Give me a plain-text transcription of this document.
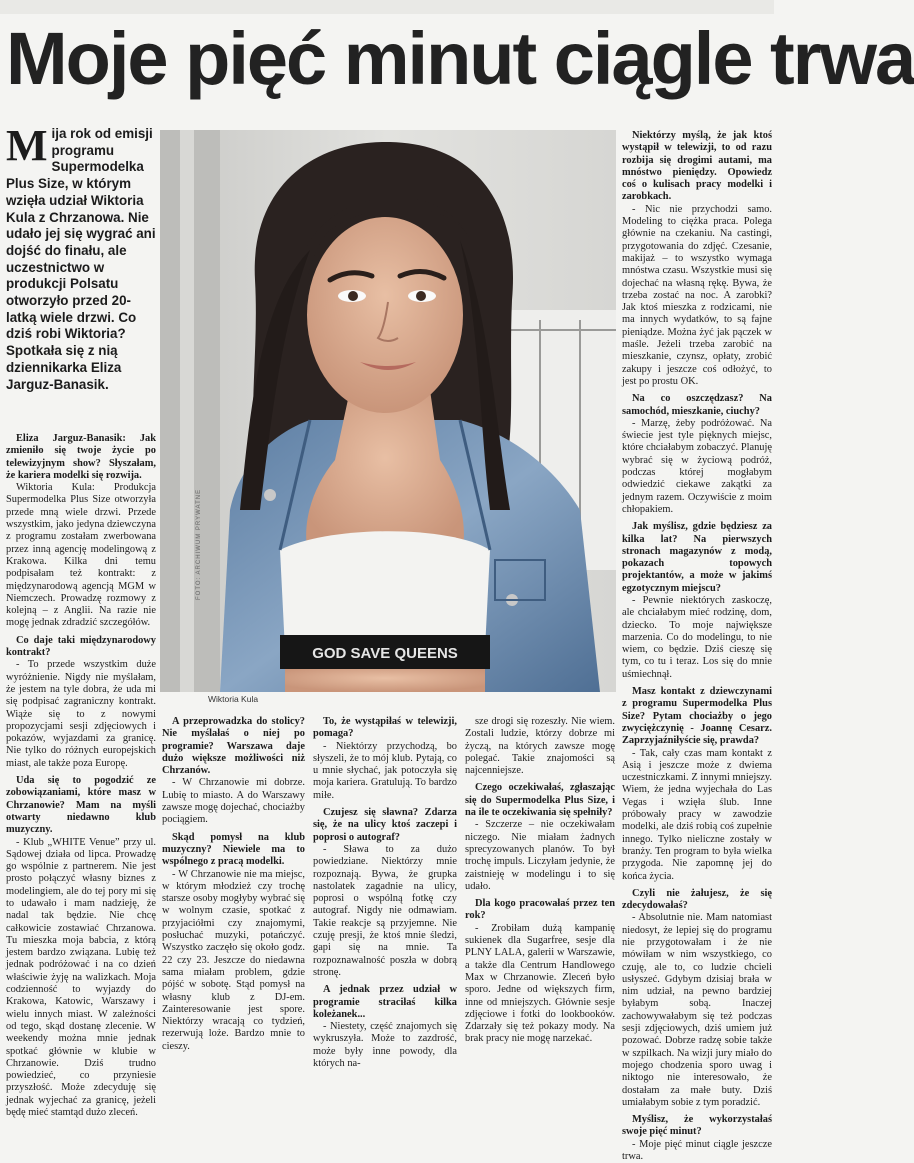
Moje pięć minut ciągle trwa
Mija rok od emisji programu Supermodelka Plus Size, w którym wzięła udział Wiktoria Kula z Chrzanowa. Nie udało jej się wygrać ani dojść do finału, ale uczestnictwo w produkcji Polsatu otworzyło przed 20-latką wiele drzwi. Co dziś robi Wiktoria? Spotkała się z nią dziennikarka Eliza Jarguz-Banasik.
GOD SAVE QUEENS
FOTO: ARCHIWUM PRYWATNE
Wiktoria Kula

Eliza Jarguz-Banasik: Jak zmieniło się twoje życie po telewizyjnym show? Słyszałam, że kariera modelki się rozwija.

Wiktoria Kula: Produkcja Supermodelka Plus Size otworzyła przede mną wiele drzwi. Przede wszystkim, jako jedyna dziewczyna z programu zostałam zwerbowana przez inną agencję modelingową z Krakowa. Kilka dni temu podpisałam też kontrakt: z międzynarodową agencją MGM w Niemczech. Prowadzę rozmowy z kolejną – z Anglii. Na razie nie mogę jednak zdradzić szczegółów.

Co daje taki międzynarodowy kontrakt?

- To przede wszystkim duże wyróżnienie. Nigdy nie myślałam, że jestem na tyle dobra, że uda mi się podpisać zagraniczny kontrakt. Wiąże się to z nowymi propozycjami sesji zdjęciowych i pokazów, wyjazdami za granicę. Nie tylko do różnych europejskich miast, ale także poza Europę.

Uda się to pogodzić ze zobowiązaniami, które masz w Chrzanowie? Mam na myśli otwarty niedawno klub muzyczny.

- Klub „WHITE Venue” przy ul. Sądowej działa od lipca. Prowadzę go wspólnie z partnerem. Nie jest prosto połączyć własny biznes z modelingiem, ale do tej pory mi się to udawało i mam nadzieję, że nadal tak będzie. Nie chcę całkowicie zostawiać Chrzanowa. Tu mieszka moja babcia, z którą jestem bardzo związana. Lubię też jednak podróżować i na co dzień właściwie żyję na walizkach. Moja codzienność to wyjazdy do Krakowa, Katowic, Warszawy i wielu innych miast. W zależności od tego, skąd dostanę zlecenie. W weekendy można mnie jednak spotkać głównie w klubie w Chrzanowie. Dziś trudno powiedzieć, co przyniesie przyszłość. Może zdecyduję się jednak wyjechać za granicę, jeżeli będę mieć stamtąd dużo zleceń.

A przeprowadzka do stolicy? Nie myślałaś o niej po programie? Warszawa daje dużo większe możliwości niż Chrzanów.

- W Chrzanowie mi dobrze. Lubię to miasto. A do Warszawy zawsze mogę dojechać, chociażby pociągiem.

Skąd pomysł na klub muzyczny? Niewiele ma to wspólnego z pracą modelki.

- W Chrzanowie nie ma miejsc, w którym młodzież czy trochę starsze osoby mogłyby wybrać się w wolnym czasie, spotkać z przyjaciółmi czy znajomymi, posłuchać muzyki, potańczyć. Wszystko zaczęło się około godz. 22 czy 23. Jeszcze do niedawna sama miałam problem, gdzie pójść w sobotę. Stąd pomysł na własny klub z DJ-em. Zainteresowanie jest spore. Niektórzy wracają co tydzień, rezerwują loże. Bardzo mnie to cieszy.

To, że wystąpiłaś w telewizji, pomaga?

- Niektórzy przychodzą, bo słyszeli, że to mój klub. Pytają, co u mnie słychać, jak potoczyła się moja kariera. Gratulują. To bardzo miłe.

Czujesz się sławna? Zdarza się, że na ulicy ktoś zaczepi i poprosi o autograf?

- Sława to za dużo powiedziane. Niektórzy mnie rozpoznają. Bywa, że grupka nastolatek zagadnie na ulicy, poprosi o wspólną fotkę czy autograf. Nigdy nie odmawiam. Takie reakcje są przyjemne. Nie czuję presji, że ktoś mnie śledzi, gapi się na mnie. Ta rozpoznawalność poszła w dobrą stronę.

A jednak przez udział w programie straciłaś kilka koleżanek...

- Niestety, część znajomych się wykruszyła. Może to zazdrość, może były inne powody, dla których na-

sze drogi się rozeszły. Nie wiem. Zostali ludzie, którzy dobrze mi życzą, na których zawsze mogę polegać. Takie znajomości są najcenniejsze.

Czego oczekiwałaś, zgłaszając się do Supermodelka Plus Size, i na ile te oczekiwania się spełniły?

- Szczerze – nie oczekiwałam niczego. Nie miałam żadnych sprecyzowanych planów. To był trochę impuls. Liczyłam jedynie, że zaistnieję w modelingu i to się udało.

Dla kogo pracowałaś przez ten rok?

- Zrobiłam dużą kampanię sukienek dla Sugarfree, sesje dla PLNY LALA, galerii w Warszawie, a także dla Centrum Handlowego Max w Chrzanowie. Zleceń było sporo. Jedne od większych firm, inne od mniejszych. Głównie sesje zdjęciowe i fotki do lookbooków. Zdarzały się też pokazy mody. Na brak pracy nie mogę narzekać.

Niektórzy myślą, że jak ktoś wystąpił w telewizji, to od razu rozbija się drogimi autami, ma mnóstwo pieniędzy. Opowiedz coś o kulisach pracy modelki i zarobkach.

- Nic nie przychodzi samo. Modeling to ciężka praca. Polega głównie na czekaniu. Na castingi, przygotowania do zdjęć. Czesanie, makijaż – to wszystko wymaga mnóstwa czasu. Wszystkie musi się dojechać na własną rękę. Bywa, że trzeba zostać na noc. A zarobki? Jak ktoś mieszka z rodzicami, nie ma innych wydatków, to są fajne pieniądze. Można żyć jak pączek w maśle. Jeżeli trzeba zarobić na mieszkanie, czynsz, opłaty, zrobić zakupy i jeszcze coś odłożyć, to jest po prostu OK.

Na co oszczędzasz? Na samochód, mieszkanie, ciuchy?

- Marzę, żeby podróżować. Na świecie jest tyle pięknych miejsc, które chciałabym zobaczyć. Planuję wybrać się w życiową podróż, podczas której mogłabym odwiedzić ciekawe zakątki za jednym razem. Oczywiście z moim chłopakiem.

Jak myślisz, gdzie będziesz za kilka lat? Na pierwszych stronach magazynów z modą, pokazach topowych projektantów, a może w jakimś egzotycznym miejscu?

- Pewnie niektórych zaskoczę, ale chciałabym mieć rodzinę, dom, dziecko. To moje największe marzenia. Co do modelingu, to nie wiem, co będzie. Dziś cieszę się tym, co tu i teraz. Los się do mnie uśmiechnął.

Masz kontakt z dziewczynami z programu Supermodelka Plus Size? Pytam chociażby o jego zwyciężczynię - Joannę Cesarz. Zaprzyjaźniłyście się, prawda?

- Tak, cały czas mam kontakt z Asią i jeszcze może z dwiema uczestniczkami. Z innymi mniejszy. Wiem, że jedna wyjechała do Las Vegas i wzięła ślub. Inne próbowały pracy w zawodzie modelki, ale dziś robią coś zupełnie innego. Tylko nieliczne zostały w branży. Ten program to była wielka przygoda. Nie zapomnę jej do końca życia.

Czyli nie żałujesz, że się zdecydowałaś?

- Absolutnie nie. Mam natomiast niedosyt, że lepiej się do programu nie przygotowałam i że nie mówiłam w nim wszystkiego, co czuję, ale to, co ludzie chcieli usłyszeć. Gdybym dzisiaj brała w nim udział, na pewno bardziej byłabym sobą. Inaczej zachowywałabym się też podczas sesji zdjęciowych, dziś umiem już pozować. Dobrze radzę sobie także w szpilkach. Na wizji jury miało do mojego chodzenia sporo uwag i niktogo nie interesowało, że dostałam za małe buty. Dziś umiałabym sobie z tym poradzić.

Myślisz, że wykorzystałaś swoje pięć minut?

- Moje pięć minut ciągle jeszcze trwa.
